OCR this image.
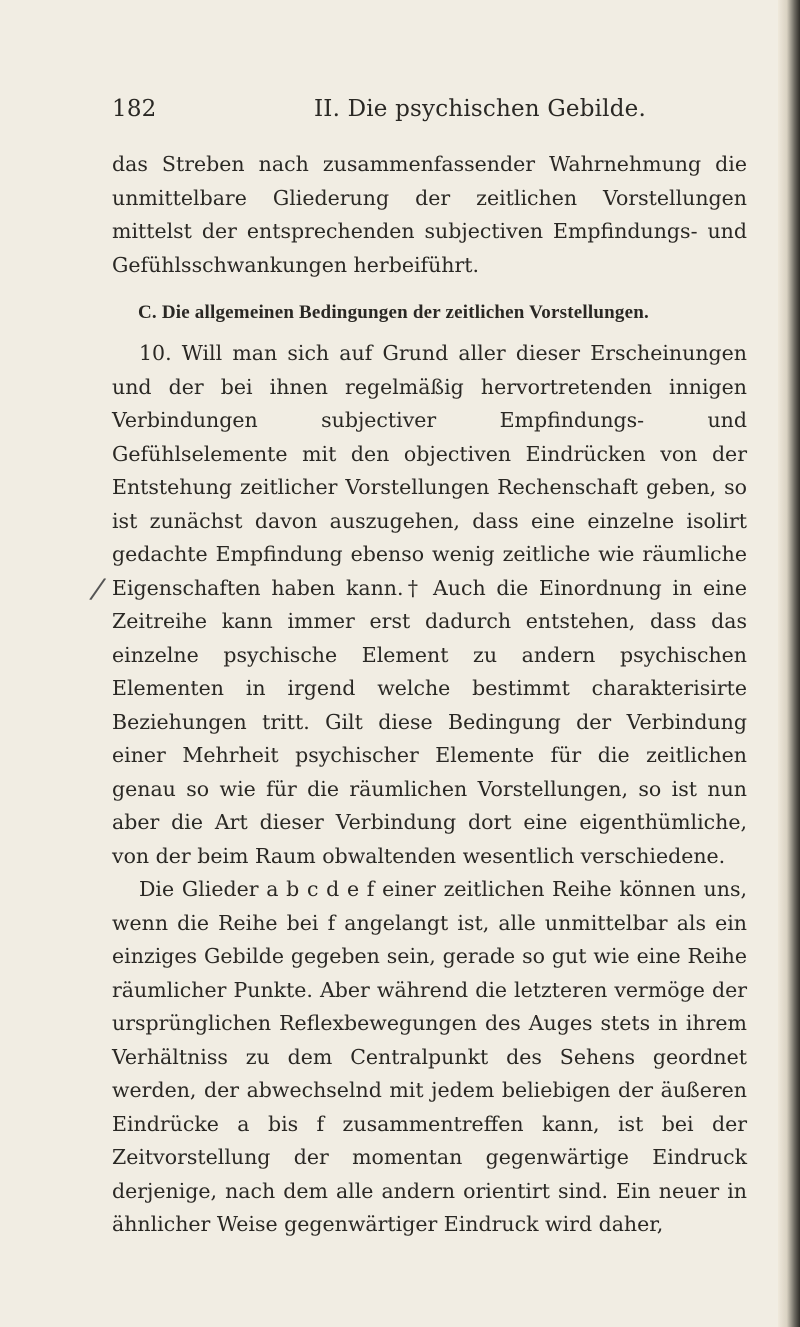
182	II. Die psychischen Gebilde.
/

das Streben nach zusammenfassender Wahrnehmung die unmittelbare Gliederung der zeitlichen Vorstellungen mittelst der entsprechenden subjectiven Empfindungs- und Gefühlsschwankungen herbeiführt.

C. Die allgemeinen Bedingungen der zeitlichen Vorstellungen.

10. Will man sich auf Grund aller dieser Erscheinungen und der bei ihnen regelmäßig hervortretenden innigen Verbindungen subjectiver Empfindungs- und Gefühlselemente mit den objectiven Eindrücken von der Entstehung zeitlicher Vorstellungen Rechenschaft geben, so ist zunächst davon auszugehen, dass eine einzelne isolirt gedachte Empfindung ebenso wenig zeitliche wie räumliche Eigenschaften haben kann.† Auch die Einordnung in eine Zeitreihe kann immer erst dadurch entstehen, dass das einzelne psychische Element zu andern psychischen Elementen in irgend welche bestimmt charakterisirte Beziehungen tritt. Gilt diese Bedingung der Verbindung einer Mehrheit psychischer Elemente für die zeitlichen genau so wie für die räumlichen Vorstellungen, so ist nun aber die Art dieser Verbindung dort eine eigenthümliche, von der beim Raum obwaltenden wesentlich verschiedene.

Die Glieder a b c d e f einer zeitlichen Reihe können uns, wenn die Reihe bei f angelangt ist, alle unmittelbar als ein einziges Gebilde gegeben sein, gerade so gut wie eine Reihe räumlicher Punkte. Aber während die letzteren vermöge der ursprünglichen Reflexbewegungen des Auges stets in ihrem Verhältniss zu dem Centralpunkt des Sehens geordnet werden, der abwechselnd mit jedem beliebigen der äußeren Eindrücke a bis f zusammentreffen kann, ist bei der Zeitvorstellung der momentan gegenwärtige Eindruck derjenige, nach dem alle andern orientirt sind. Ein neuer in ähnlicher Weise gegenwärtiger Eindruck wird daher,
